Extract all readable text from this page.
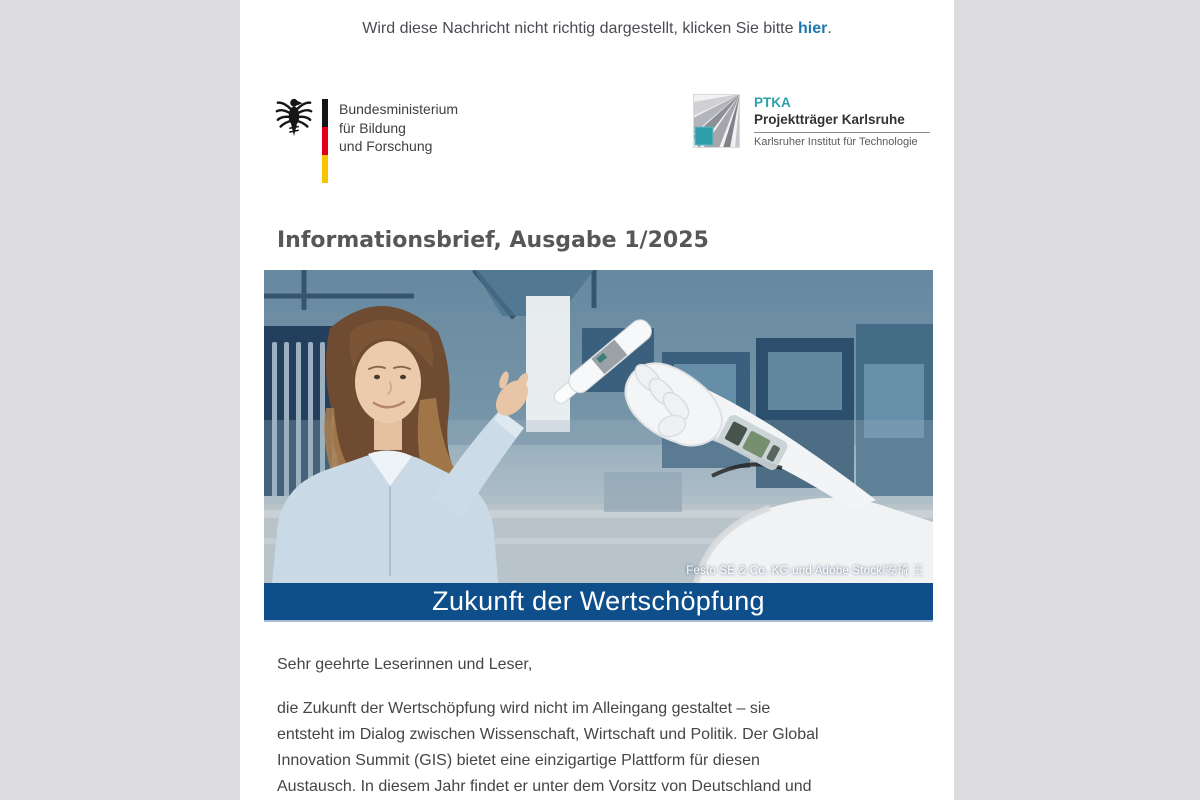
Wird diese Nachricht nicht richtig dargestellt, klicken Sie bitte hier.
Bundesministerium
für Bildung
und Forschung
PTKA
Projektträger Karlsruhe
Karlsruher Institut für Technologie
Informationsbrief, Ausgabe 1/2025
Festo SE & Co. KG und Adobe Stock/安琦 王
Zukunft der Wertschöpfung
Sehr geehrte Leserinnen und Leser,
die Zukunft der Wertschöpfung wird nicht im Alleingang gestaltet – sie
entsteht im Dialog zwischen Wissenschaft, Wirtschaft und Politik. Der Global
Innovation Summit (GIS) bietet eine einzigartige Plattform für diesen
Austausch. In diesem Jahr findet er unter dem Vorsitz von Deutschland und
